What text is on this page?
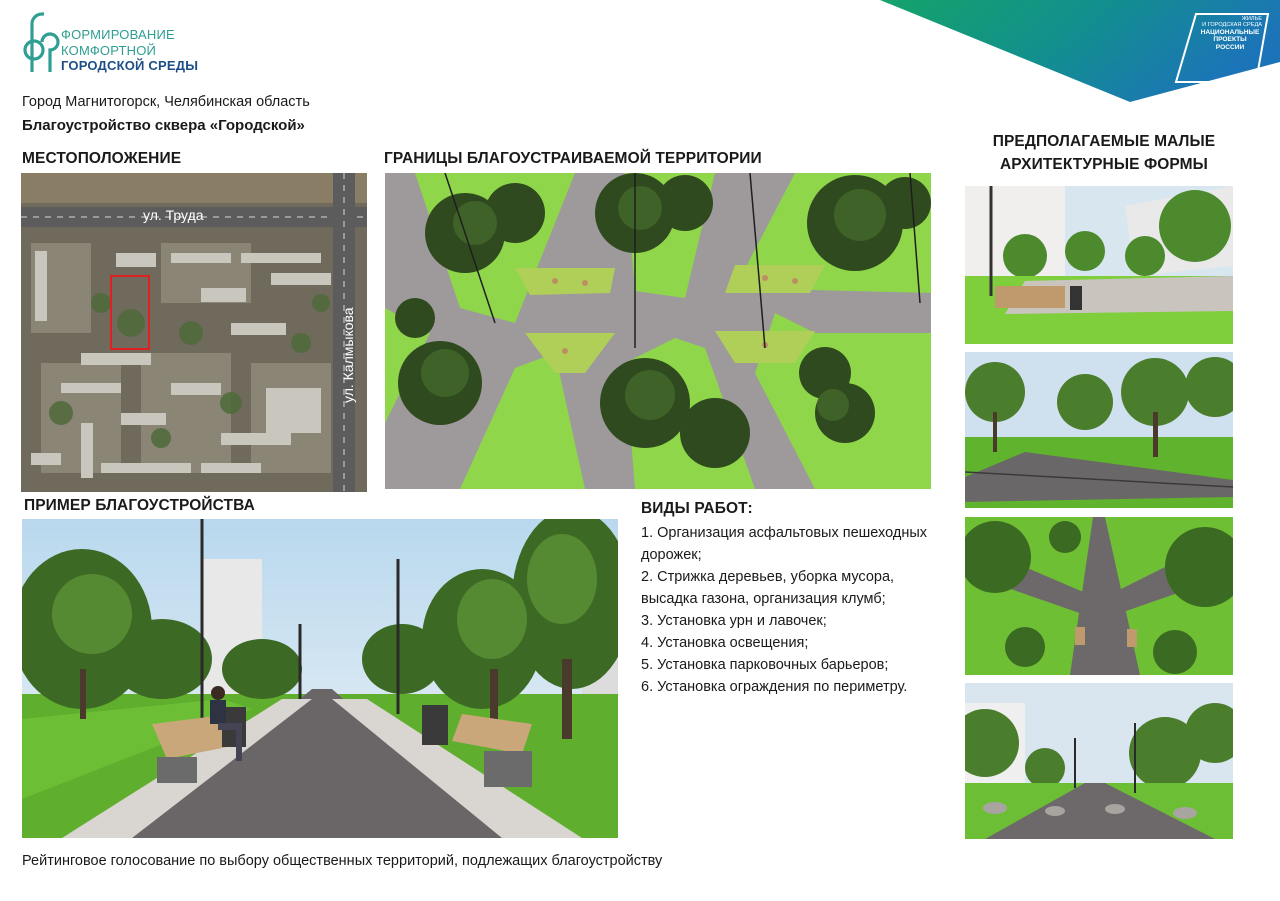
ФОРМИРОВАНИЕ
КОМФОРТНОЙ
ГОРОДСКОЙ СРЕДЫ
ЖИЛЬЕ
И ГОРОДСКАЯ СРЕДА
НАЦИОНАЛЬНЫЕ
ПРОЕКТЫ
РОССИИ
Город Магнитогорск, Челябинская область
Благоустройство сквера «Городской»
МЕСТОПОЛОЖЕНИЕ	ГРАНИЦЫ БЛАГОУСТРАИВАЕМОЙ ТЕРРИТОРИИ
ПРЕДПОЛАГАЕМЫЕ МАЛЫЕ АРХИТЕКТУРНЫЕ ФОРМЫ
ПРИМЕР БЛАГОУСТРОЙСТВА	ВИДЫ РАБОТ:
ул. Труда
ул. Калмыкова
1. Организация асфальтовых пешеходных дорожек;
2. Стрижка деревьев, уборка мусора, высадка газона, организация клумб;
3. Установка урн и лавочек;
4. Установка освещения;
5. Установка парковочных барьеров;
6. Установка ограждения по периметру.
Рейтинговое голосование по выбору общественных территорий, подлежащих благоустройству
